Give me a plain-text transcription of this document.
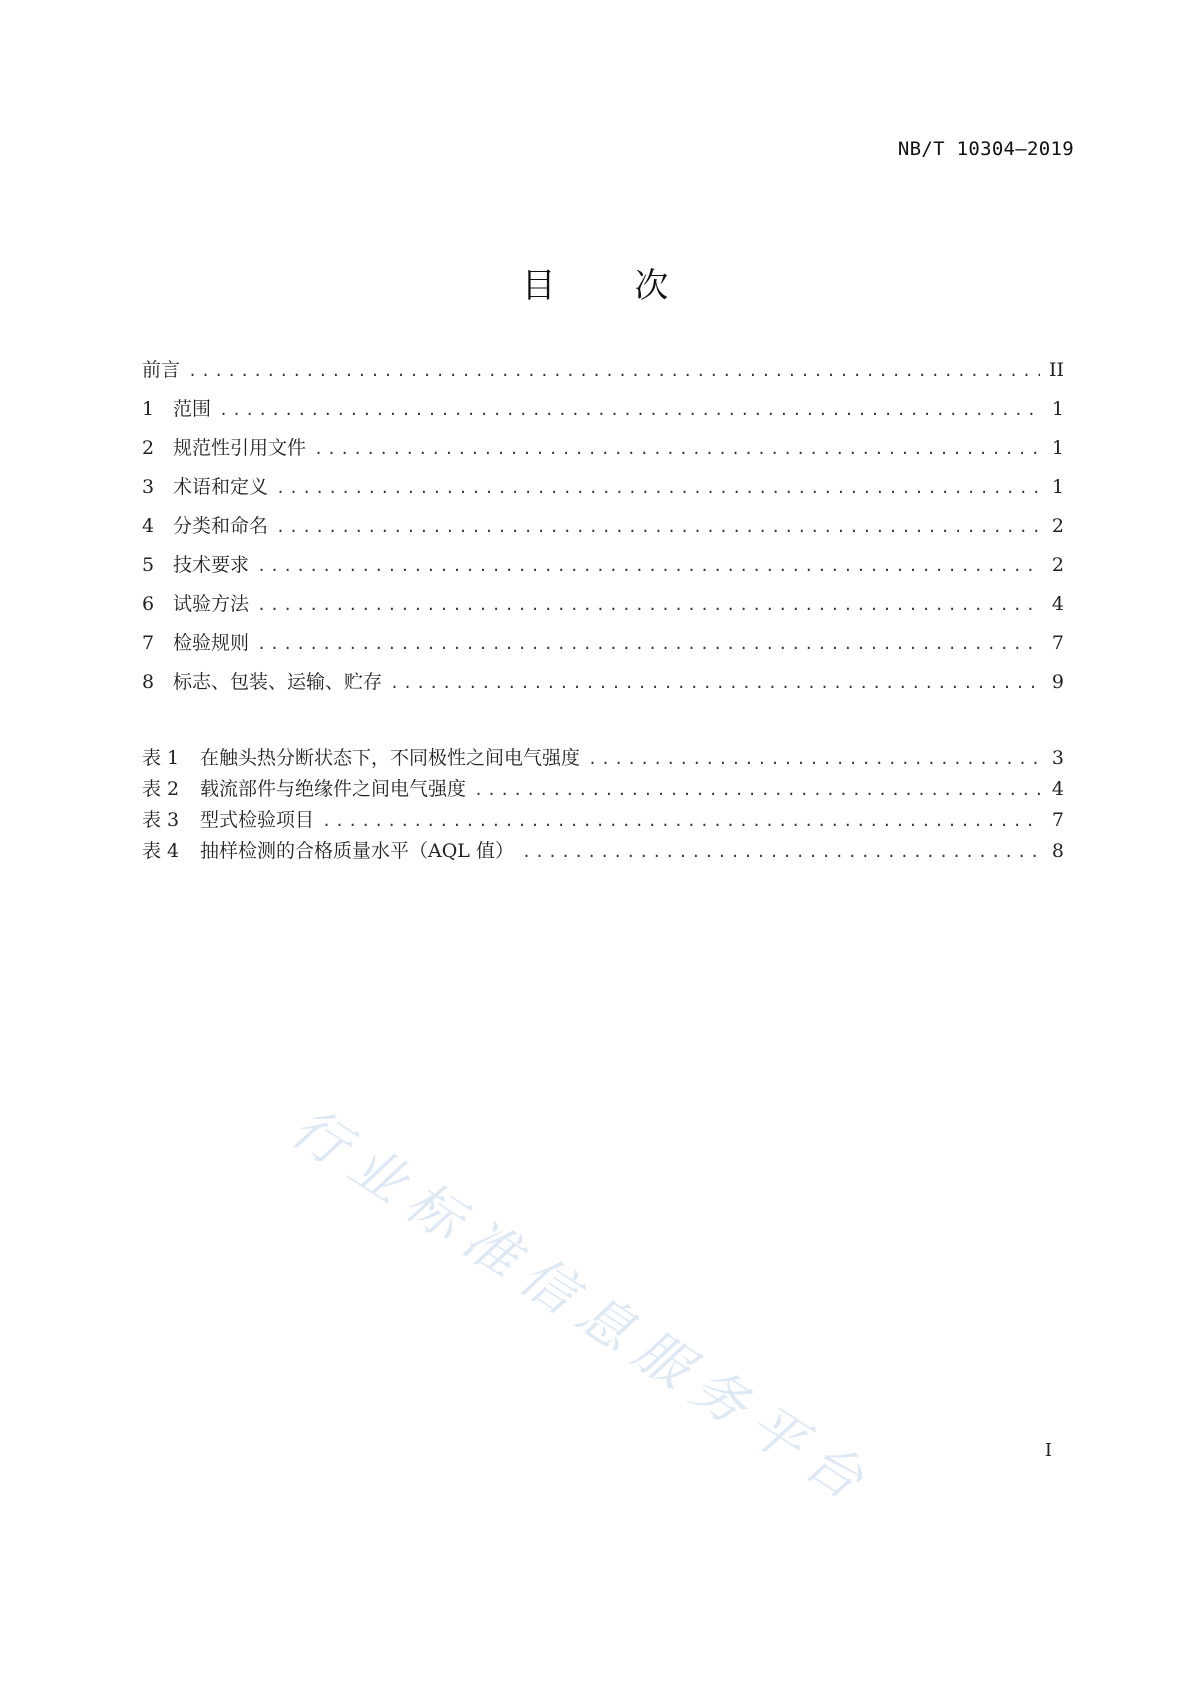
NB/T 10304—2019
目 次
前言 .....	II
1 范围 .....	1
2 规范性引用文件 .....	1
3 术语和定义 .....	1
4 分类和命名 .....	2
5 技术要求 .....	2
6 试验方法 .....	4
7 检验规则 .....	7
8 标志、包装、运输、贮存 .....	9
表 1	在触头热分断状态下，不同极性之间电气强度 .....	3
表 2	载流部件与绝缘件之间电气强度 .....	4
表 3	型式检验项目 .....	7
表 4	抽样检测的合格质量水平（AQL 值） .....	8
行业标准信息服务平台	I
